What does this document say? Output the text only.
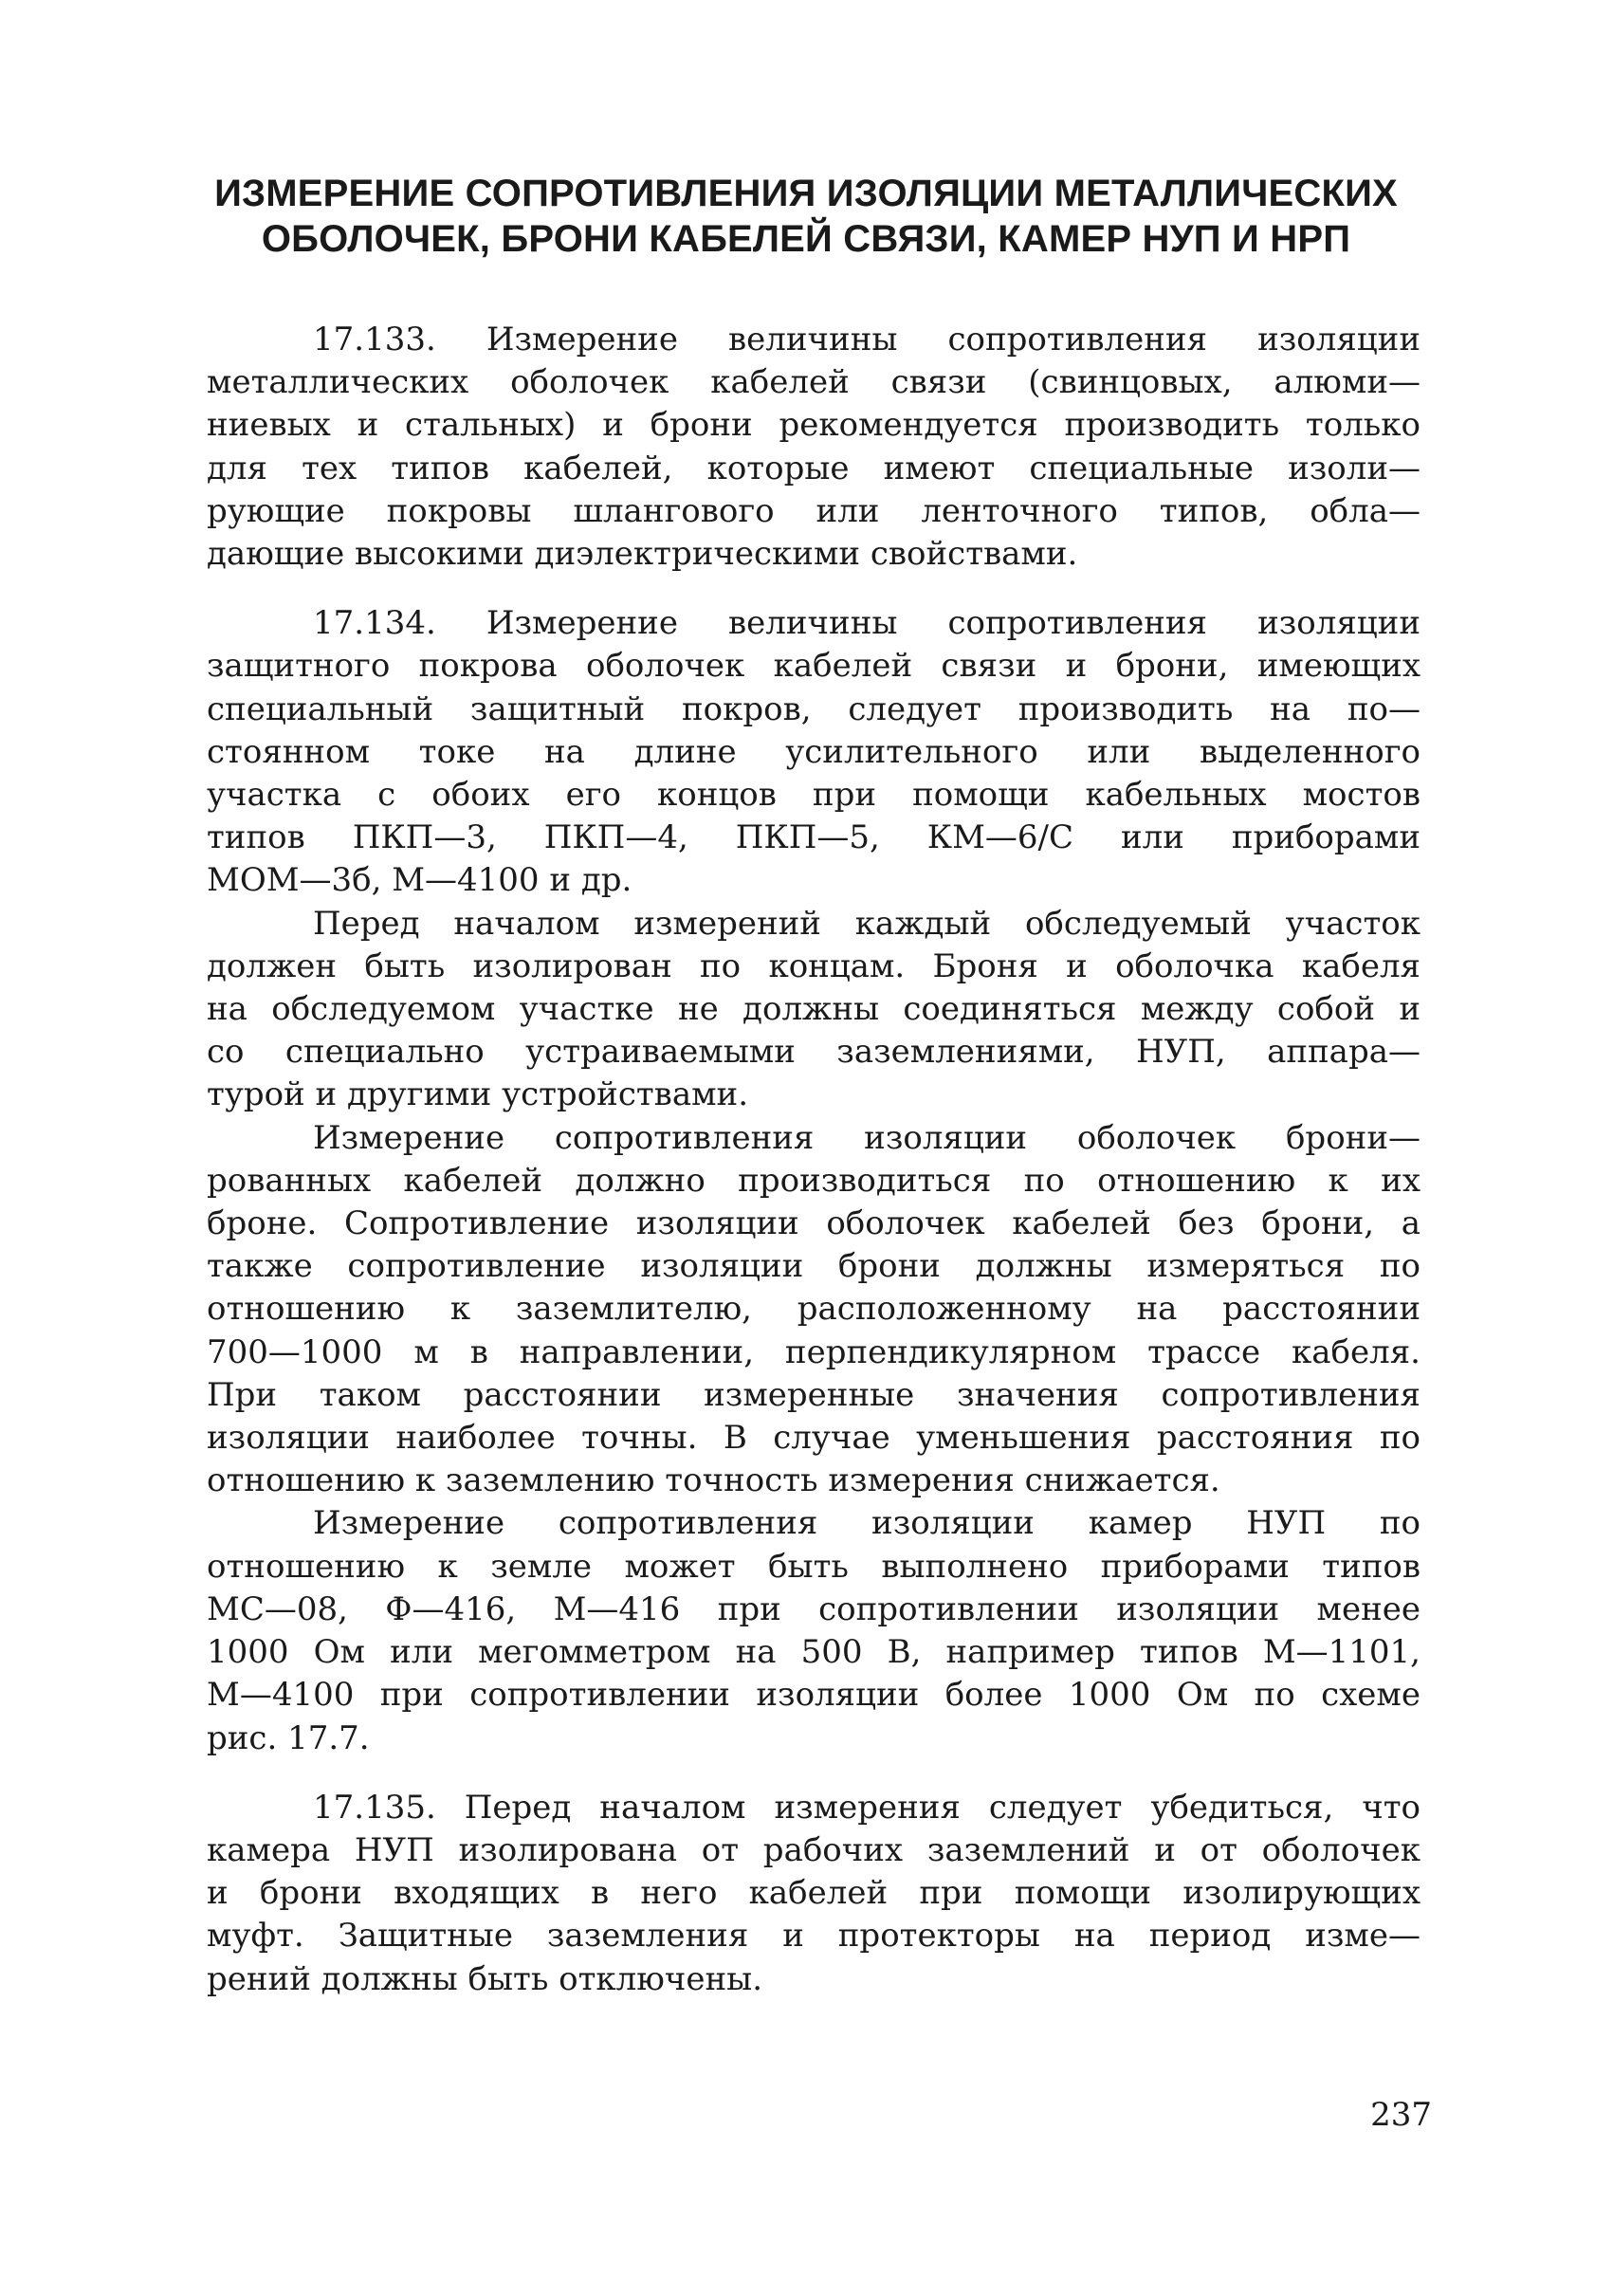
ИЗМЕРЕНИЕ СОПРОТИВЛЕНИЯ ИЗОЛЯЦИИ МЕТАЛЛИЧЕСКИХ
ОБОЛОЧЕК, БРОНИ КАБЕЛЕЙ СВЯЗИ, КАМЕР НУП И НРП

17.133. Измерение величины сопротивления изоляции
металлических оболочек кабелей связи (свинцовых, алюми—
ниевых и стальных) и брони рекомендуется производить только
для тех типов кабелей, которые имеют специальные изоли—
рующие покровы шлангового или ленточного типов, обла—
дающие высокими диэлектрическими свойствами.

17.134. Измерение величины сопротивления изоляции
защитного покрова оболочек кабелей связи и брони, имеющих
специальный защитный покров, следует производить на по—
стоянном токе на длине усилительного или выделенного
участка с обоих его концов при помощи кабельных мостов
типов ПКП—3, ПКП—4, ПКП—5, КМ—6/С или приборами
МОМ—3б, М—4100 и др.

Перед началом измерений каждый обследуемый участок
должен быть изолирован по концам. Броня и оболочка кабеля
на обследуемом участке не должны соединяться между собой и
со специально устраиваемыми заземлениями, НУП, аппара—
турой и другими устройствами.

Измерение сопротивления изоляции оболочек брони—
рованных кабелей должно производиться по отношению к их
броне. Сопротивление изоляции оболочек кабелей без брони, а
также сопротивление изоляции брони должны измеряться по
отношению к заземлителю, расположенному на расстоянии
700—1000 м в направлении, перпендикулярном трассе кабеля.
При таком расстоянии измеренные значения сопротивления
изоляции наиболее точны. В случае уменьшения расстояния по
отношению к заземлению точность измерения снижается.

Измерение сопротивления изоляции камер НУП по
отношению к земле может быть выполнено приборами типов
МС—08, Ф—416, М—416 при сопротивлении изоляции менее
1000 Ом или мегомметром на 500 В, например типов М—1101,
М—4100 при сопротивлении изоляции более 1000 Ом по схеме
рис. 17.7.

17.135. Перед началом измерения следует убедиться, что
камера НУП изолирована от рабочих заземлений и от оболочек
и брони входящих в него кабелей при помощи изолирующих
муфт. Защитные заземления и протекторы на период изме—
рений должны быть отключены.

237
